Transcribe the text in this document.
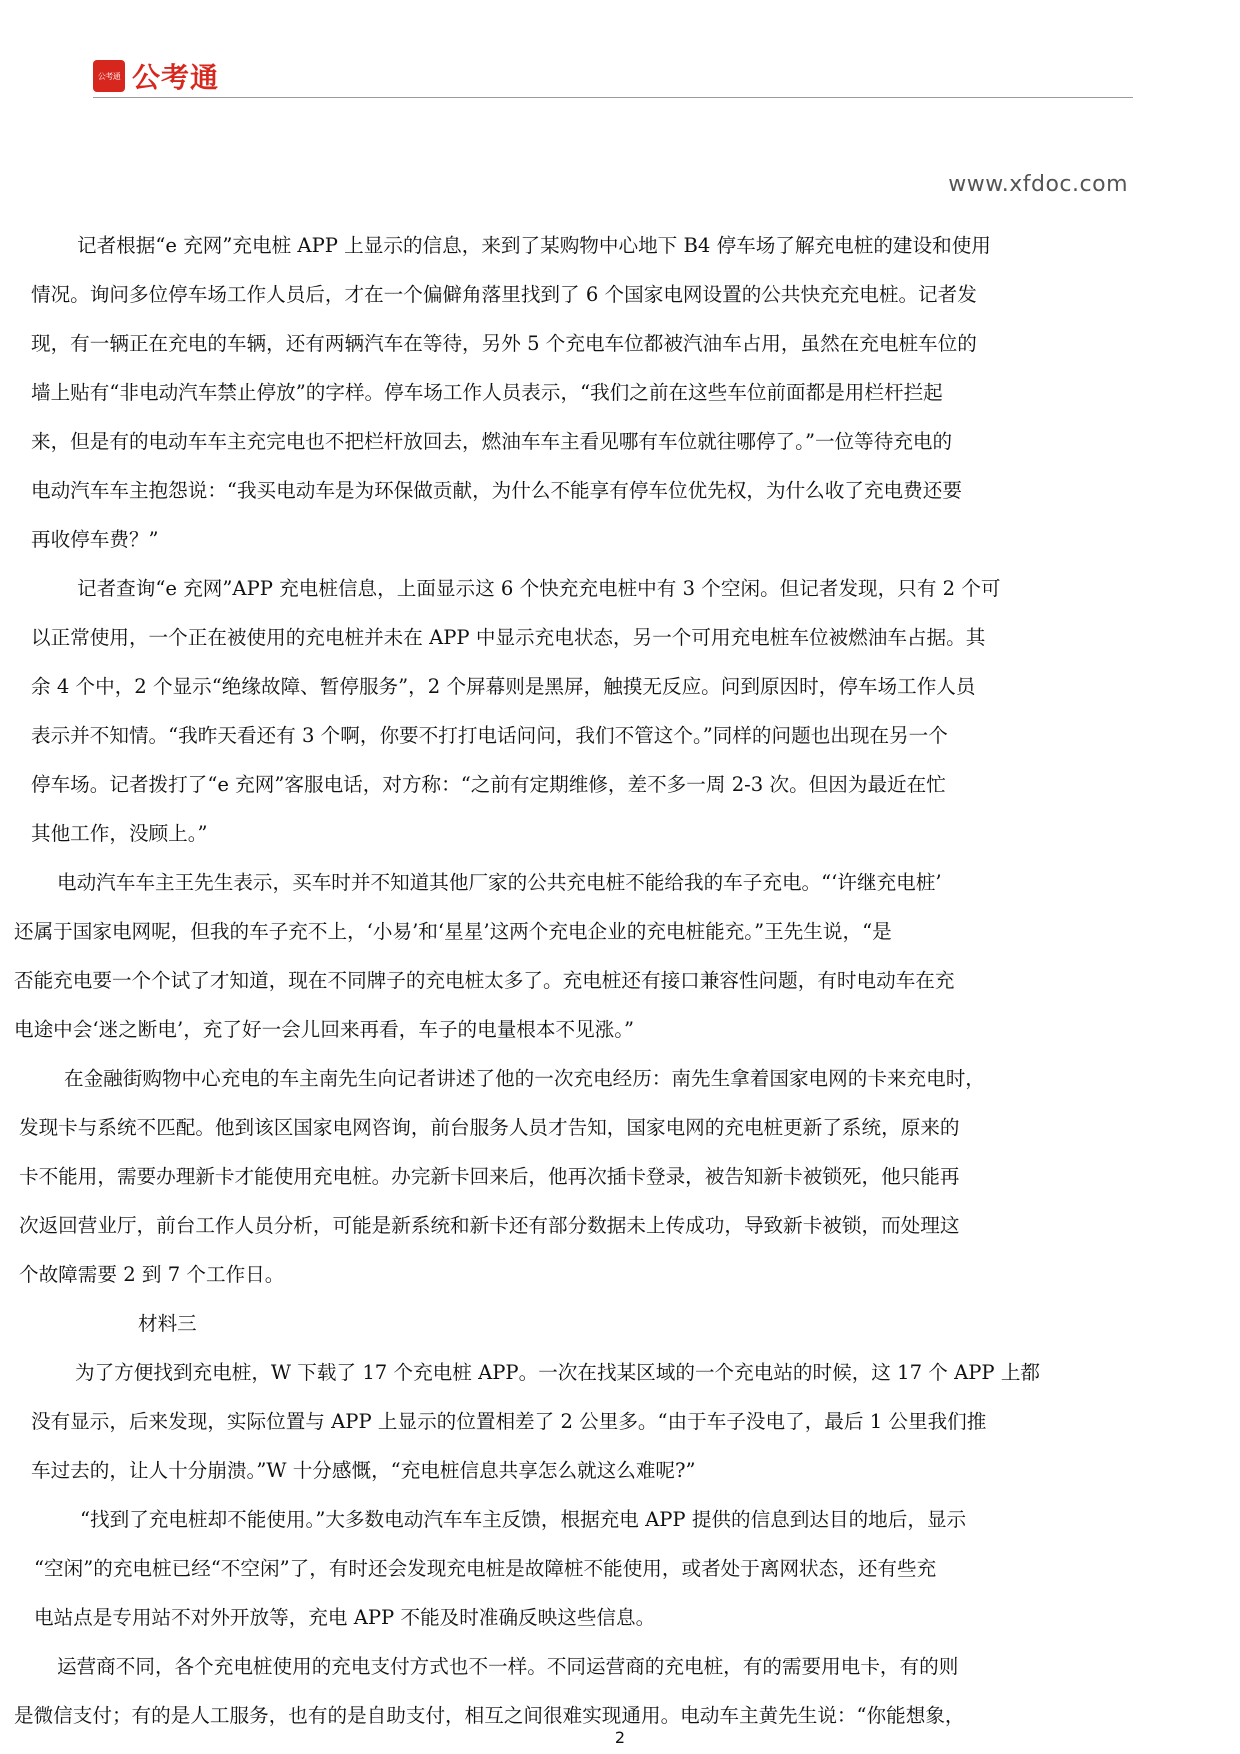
公考通 公考通
www.xfdoc.com
记者根据“e 充网”充电桩 APP 上显示的信息，来到了某购物中心地下 B4 停车场了解充电桩的建设和使用
情况。询问多位停车场工作人员后，才在一个偏僻角落里找到了 6 个国家电网设置的公共快充充电桩。记者发
现，有一辆正在充电的车辆，还有两辆汽车在等待，另外 5 个充电车位都被汽油车占用，虽然在充电桩车位的
墙上贴有“非电动汽车禁止停放”的字样。停车场工作人员表示，“我们之前在这些车位前面都是用栏杆拦起
来，但是有的电动车车主充完电也不把栏杆放回去，燃油车车主看见哪有车位就往哪停了。”一位等待充电的
电动汽车车主抱怨说：“我买电动车是为环保做贡献，为什么不能享有停车位优先权，为什么收了充电费还要
再收停车费？”
记者查询“e 充网”APP 充电桩信息，上面显示这 6 个快充充电桩中有 3 个空闲。但记者发现，只有 2 个可
以正常使用，一个正在被使用的充电桩并未在 APP 中显示充电状态，另一个可用充电桩车位被燃油车占据。其
余 4 个中，2 个显示“绝缘故障、暂停服务”，2 个屏幕则是黑屏，触摸无反应。问到原因时，停车场工作人员
表示并不知情。“我昨天看还有 3 个啊，你要不打打电话问问，我们不管这个。”同样的问题也出现在另一个
停车场。记者拨打了“e 充网”客服电话，对方称：“之前有定期维修，差不多一周 2-3 次。但因为最近在忙
其他工作，没顾上。”
电动汽车车主王先生表示，买车时并不知道其他厂家的公共充电桩不能给我的车子充电。“‘许继充电桩’
还属于国家电网呢，但我的车子充不上，‘小易’和‘星星’这两个充电企业的充电桩能充。”王先生说，“是
否能充电要一个个试了才知道，现在不同牌子的充电桩太多了。充电桩还有接口兼容性问题，有时电动车在充
电途中会‘迷之断电’，充了好一会儿回来再看，车子的电量根本不见涨。”
在金融街购物中心充电的车主南先生向记者讲述了他的一次充电经历：南先生拿着国家电网的卡来充电时，
发现卡与系统不匹配。他到该区国家电网咨询，前台服务人员才告知，国家电网的充电桩更新了系统，原来的
卡不能用，需要办理新卡才能使用充电桩。办完新卡回来后，他再次插卡登录，被告知新卡被锁死，他只能再
次返回营业厅，前台工作人员分析，可能是新系统和新卡还有部分数据未上传成功，导致新卡被锁，而处理这
个故障需要 2 到 7 个工作日。
材料三
为了方便找到充电桩，W 下载了 17 个充电桩 APP。一次在找某区域的一个充电站的时候，这 17 个 APP 上都
没有显示，后来发现，实际位置与 APP 上显示的位置相差了 2 公里多。“由于车子没电了，最后 1 公里我们推
车过去的，让人十分崩溃。”W 十分感慨，“充电桩信息共享怎么就这么难呢?”
“找到了充电桩却不能使用。”大多数电动汽车车主反馈，根据充电 APP 提供的信息到达目的地后，显示
“空闲”的充电桩已经“不空闲”了，有时还会发现充电桩是故障桩不能使用，或者处于离网状态，还有些充
电站点是专用站不对外开放等，充电 APP 不能及时准确反映这些信息。
运营商不同，各个充电桩使用的充电支付方式也不一样。不同运营商的充电桩，有的需要用电卡，有的则
是微信支付；有的是人工服务，也有的是自助支付，相互之间很难实现通用。电动车主黄先生说：“你能想象，
2
